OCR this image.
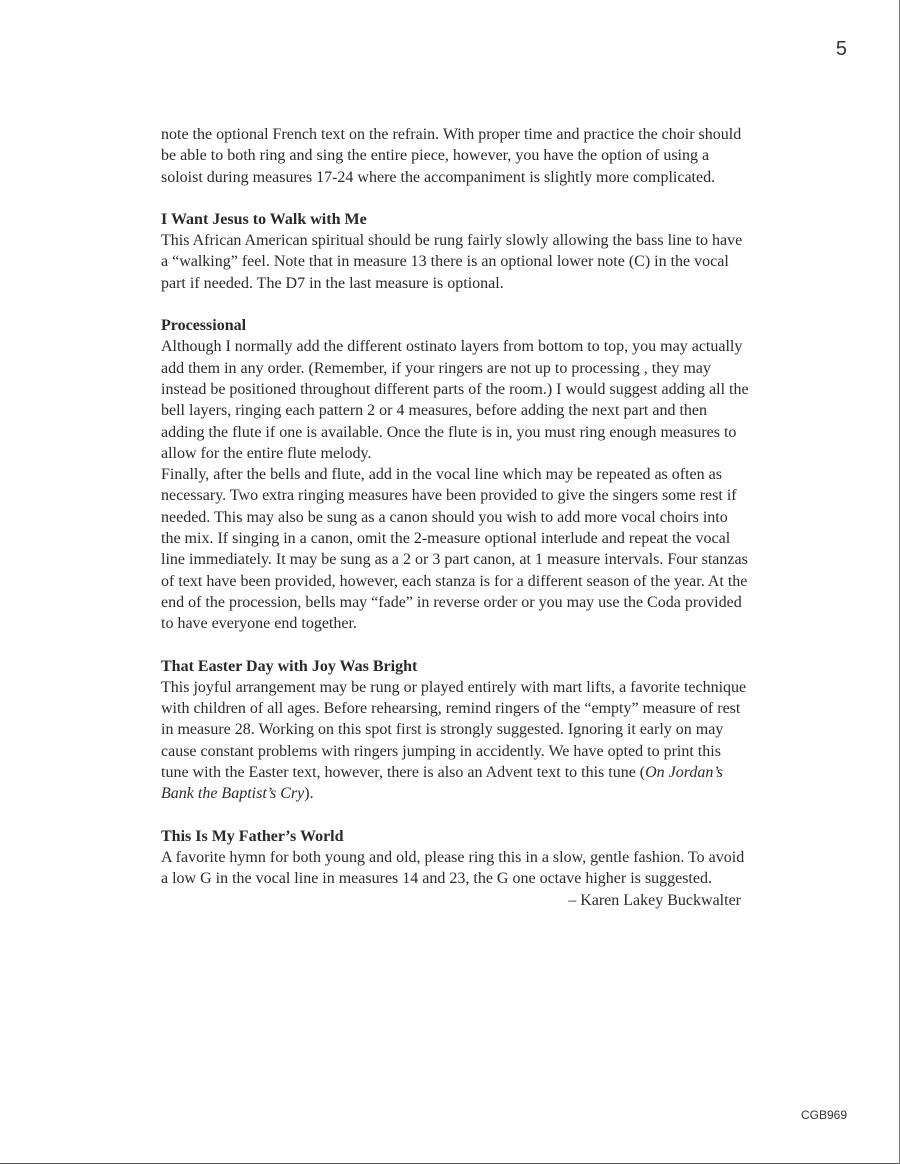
5

note the optional French text on the refrain. With proper time and practice the choir should be able to both ring and sing the entire piece, however, you have the option of using a soloist during measures 17-24 where the accompaniment is slightly more complicated.

I Want Jesus to Walk with Me

This African American spiritual should be rung fairly slowly allowing the bass line to have a “walking” feel. Note that in measure 13 there is an optional lower note (C) in the vocal part if needed. The D7 in the last measure is optional.

Processional

Although I normally add the different ostinato layers from bottom to top, you may actually add them in any order. (Remember, if your ringers are not up to processing , they may instead be positioned throughout different parts of the room.) I would suggest adding all the bell layers, ringing each pattern 2 or 4 measures, before adding the next part and then adding the flute if one is available. Once the flute is in, you must ring enough measures to allow for the entire flute melody.

Finally, after the bells and flute, add in the vocal line which may be repeated as often as necessary. Two extra ringing measures have been provided to give the singers some rest if needed. This may also be sung as a canon should you wish to add more vocal choirs into the mix. If singing in a canon, omit the 2-measure optional interlude and repeat the vocal line immediately. It may be sung as a 2 or 3 part canon, at 1 measure intervals. Four stanzas of text have been provided, however, each stanza is for a different season of the year. At the end of the procession, bells may “fade” in reverse order or you may use the Coda provided to have everyone end together.

That Easter Day with Joy Was Bright

This joyful arrangement may be rung or played entirely with mart lifts, a favorite technique with children of all ages. Before rehearsing, remind ringers of the “empty” measure of rest in measure 28. Working on this spot first is strongly suggested. Ignoring it early on may cause constant problems with ringers jumping in accidently. We have opted to print this tune with the Easter text, however, there is also an Advent text to this tune (On Jordan’s Bank the Baptist’s Cry).

This Is My Father’s World

A favorite hymn for both young and old, please ring this in a slow, gentle fashion. To avoid a low G in the vocal line in measures 14 and 23, the G one octave higher is suggested.

– Karen Lakey Buckwalter

CGB969
